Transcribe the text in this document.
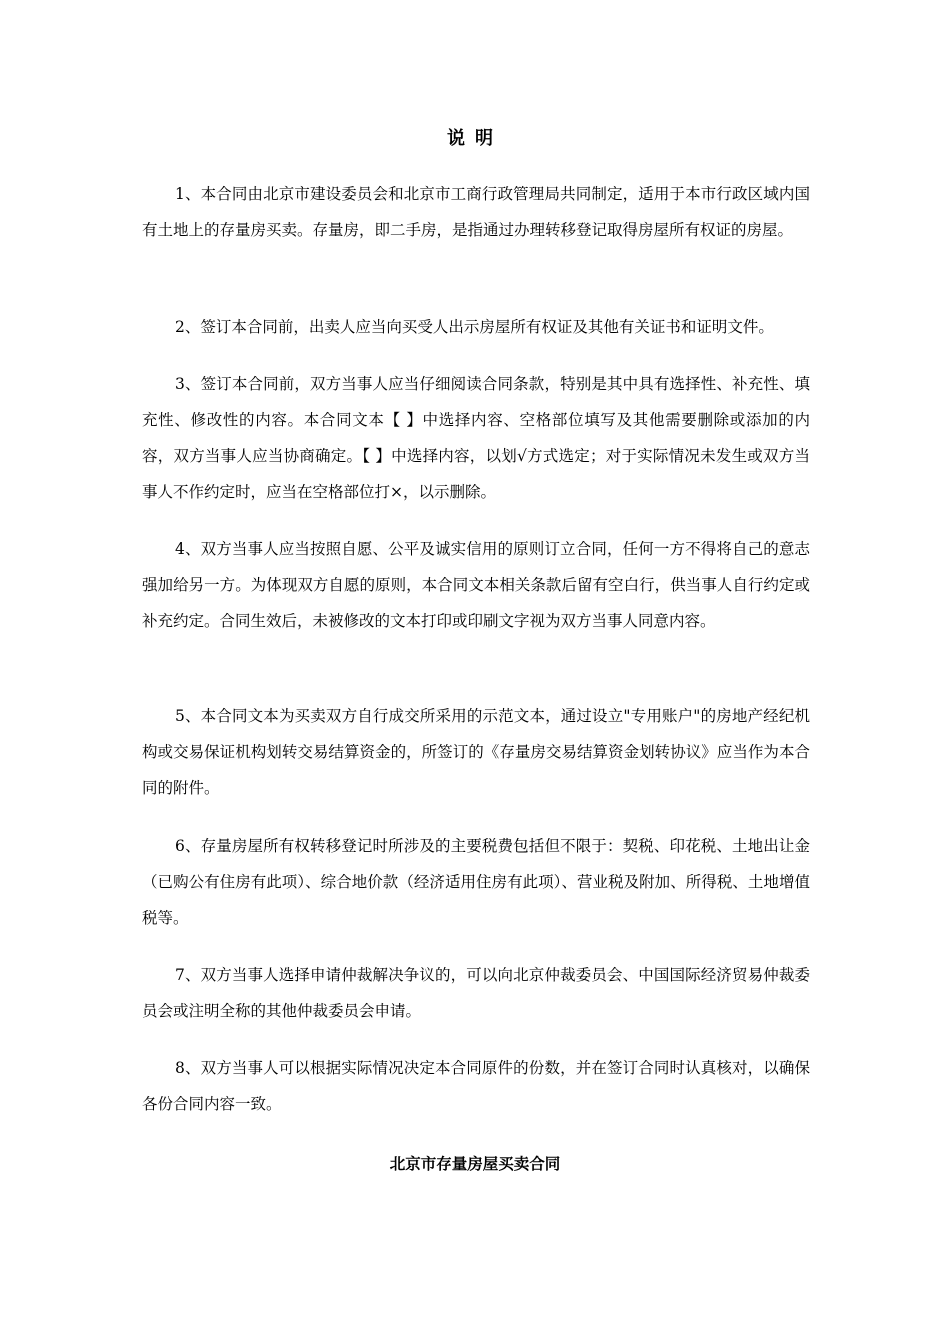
说明

1、本合同由北京市建设委员会和北京市工商行政管理局共同制定，适用于本市行政区域内国有土地上的存量房买卖。存量房，即二手房，是指通过办理转移登记取得房屋所有权证的房屋。

2、签订本合同前，出卖人应当向买受人出示房屋所有权证及其他有关证书和证明文件。

3、签订本合同前，双方当事人应当仔细阅读合同条款，特别是其中具有选择性、补充性、填充性、修改性的内容。本合同文本【 】中选择内容、空格部位填写及其他需要删除或添加的内容，双方当事人应当协商确定。【 】中选择内容，以划√方式选定；对于实际情况未发生或双方当事人不作约定时，应当在空格部位打×，以示删除。

4、双方当事人应当按照自愿、公平及诚实信用的原则订立合同，任何一方不得将自己的意志强加给另一方。为体现双方自愿的原则，本合同文本相关条款后留有空白行，供当事人自行约定或补充约定。合同生效后，未被修改的文本打印或印刷文字视为双方当事人同意内容。

5、本合同文本为买卖双方自行成交所采用的示范文本，通过设立"专用账户"的房地产经纪机构或交易保证机构划转交易结算资金的，所签订的《存量房交易结算资金划转协议》应当作为本合同的附件。

6、存量房屋所有权转移登记时所涉及的主要税费包括但不限于：契税、印花税、土地出让金（已购公有住房有此项）、综合地价款（经济适用住房有此项）、营业税及附加、所得税、土地增值税等。

7、双方当事人选择申请仲裁解决争议的，可以向北京仲裁委员会、中国国际经济贸易仲裁委员会或注明全称的其他仲裁委员会申请。

8、双方当事人可以根据实际情况决定本合同原件的份数，并在签订合同时认真核对，以确保各份合同内容一致。

北京市存量房屋买卖合同
